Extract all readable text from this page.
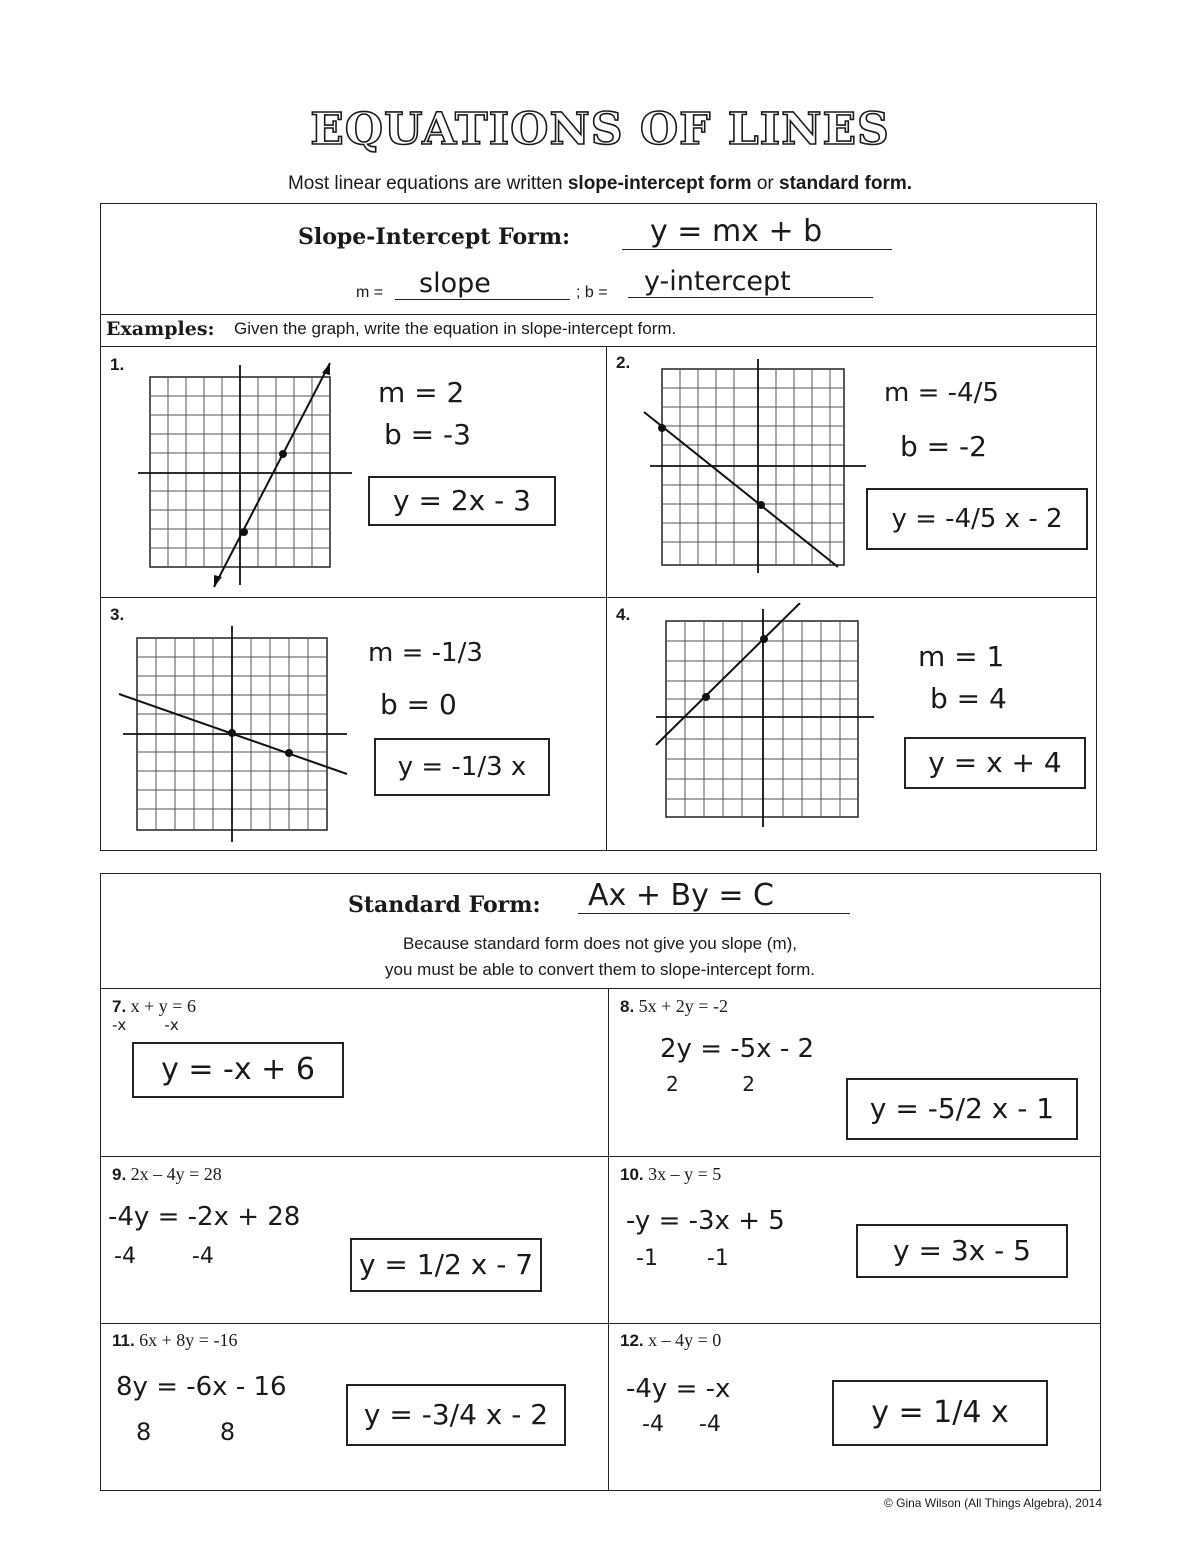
EQUATIONS OF LINES
Most linear equations are written slope-intercept form or standard form.
Slope-Intercept Form:	y = mx + b
m =	slope	; b =	y-intercept
Examples: Given the graph, write the equation in slope-intercept form.
1.	2.
3.	4.
m = 2
b = -3
y = 2x - 3
m = -4/5
b = -2
y = -4/5 x - 2
m = -1/3
b = 0
y = -1/3 x
m = 1
b = 4
y = x + 4
Standard Form:	Ax + By = C
Because standard form does not give you slope (m),
you must be able to convert them to slope-intercept form.
7. x + y = 6
-x        -x
y = -x + 6
8. 5x + 2y = -2
2y = -5x - 2
2          2
y = -5/2 x - 1
9. 2x – 4y = 28
-4y = -2x + 28
-4        -4	y = 1/2 x - 7
10. 3x – y = 5
-y = -3x + 5
-1       -1	y = 3x - 5
11. 6x + 8y = -16
8y = -6x - 16
8         8
y = -3/4 x - 2
12. x – 4y = 0
-4y = -x
-4     -4	y = 1/4 x
© Gina Wilson (All Things Algebra), 2014
